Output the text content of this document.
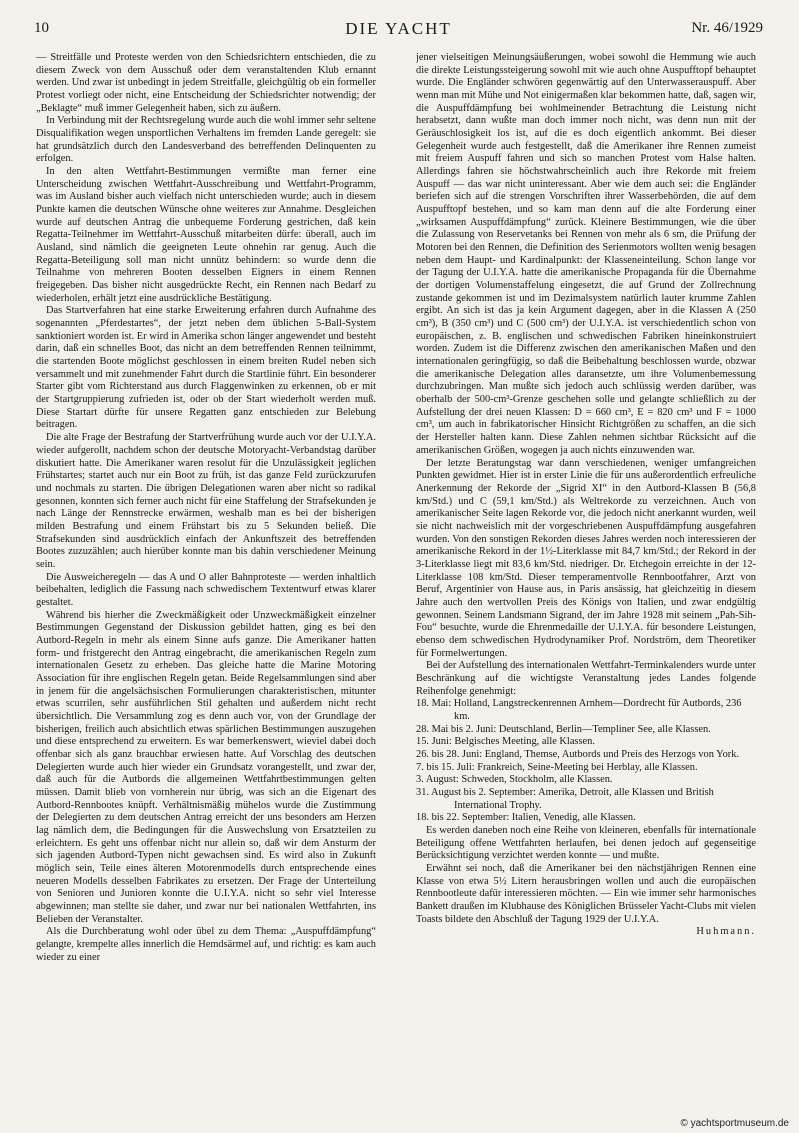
10	DIE YACHT	Nr. 46/1929

— Streitfälle und Proteste werden von den Schiedsrichtern entschieden, die zu diesem Zweck von dem Ausschuß oder dem veranstaltenden Klub ernannt werden. Und zwar ist unbedingt in jedem Streitfalle, gleichgültig ob ein formeller Protest vorliegt oder nicht, eine Entscheidung der Schiedsrichter notwendig; der „Beklagte“ muß immer Gelegenheit haben, sich zu äußern.

In Verbindung mit der Rechtsregelung wurde auch die wohl immer sehr seltene Disqualifikation wegen unsportlichen Verhaltens im fremden Lande geregelt: sie hat grundsätzlich durch den Landesverband des betreffenden Delinquenten zu erfolgen.

In den alten Wettfahrt-Bestimmungen vermißte man ferner eine Unterscheidung zwischen Wettfahrt-Ausschreibung und Wettfahrt-Programm, was im Ausland bisher auch vielfach nicht unterschieden wurde; auch in diesem Punkte kamen die deutschen Wünsche ohne weiteres zur Annahme. Desgleichen wurde auf deutschen Antrag die unbequeme Forderung gestrichen, daß kein Regatta-Teilnehmer im Wettfahrt-Ausschuß mitarbeiten dürfe: überall, auch im Ausland, sind nämlich die geeigneten Leute ohnehin rar genug. Auch die Regatta-Beteiligung soll man nicht unnütz behindern: so wurde denn die Teilnahme von mehreren Booten desselben Eigners in einem Rennen freigegeben. Das bisher nicht ausgedrückte Recht, ein Rennen nach Bedarf zu wiederholen, erhält jetzt eine ausdrückliche Bestätigung.

Das Startverfahren hat eine starke Erweiterung erfahren durch Aufnahme des sogenannten „Pferdestartes“, der jetzt neben dem üblichen 5-Ball-System sanktioniert worden ist. Er wird in Amerika schon länger angewendet und besteht darin, daß ein schnelles Boot, das nicht an dem betreffenden Rennen teilnimmt, die startenden Boote möglichst geschlossen in einem breiten Rudel neben sich versammelt und mit zunehmender Fahrt durch die Startlinie führt. Ein besonderer Starter gibt vom Richterstand aus durch Flaggenwinken zu erkennen, ob er mit der Startgruppierung zufrieden ist, oder ob der Start wiederholt werden muß. Diese Startart dürfte für unsere Regatten ganz entschieden zur Belebung beitragen.

Die alte Frage der Bestrafung der Startverfrühung wurde auch vor der U.I.Y.A. wieder aufgerollt, nachdem schon der deutsche Motoryacht-Verbandstag darüber diskutiert hatte. Die Amerikaner waren resolut für die Unzulässigkeit jeglichen Frühstartes; startet auch nur ein Boot zu früh, ist das ganze Feld zurückzurufen und nochmals zu starten. Die übrigen Delegationen waren aber nicht so radikal gesonnen, konnten sich ferner auch nicht für eine Staffelung der Strafsekunden je nach Länge der Rennstrecke erwärmen, weshalb man es bei der bisherigen milden Bestrafung und einem Frühstart bis zu 5 Sekunden beließ. Die Strafsekunden sind ausdrücklich einfach der Ankunftszeit des betreffenden Bootes zuzuzählen; auch hierüber konnte man bis dahin verschiedener Meinung sein.

Die Ausweicheregeln — das A und O aller Bahnproteste — werden inhaltlich beibehalten, lediglich die Fassung nach schwedischem Textentwurf etwas klarer gestaltet.

Während bis hierher die Zweckmäßigkeit oder Unzweckmäßigkeit einzelner Bestimmungen Gegenstand der Diskussion gebildet hatten, ging es bei den Autbord-Regeln in mehr als einem Sinne aufs ganze. Die Amerikaner hatten form- und fristgerecht den Antrag eingebracht, die amerikanischen Regeln zum internationalen Gesetz zu erheben. Das gleiche hatte die Marine Motoring Association für ihre englischen Regeln getan. Beide Regelsammlungen sind aber in jenem für die angelsächsischen Formulierungen charakteristischen, mitunter etwas scurrilen, sehr ausführlichen Stil gehalten und außerdem nicht recht übersichtlich. Die Versammlung zog es denn auch vor, von der Grundlage der bisherigen, freilich auch absichtlich etwas spärlichen Bestimmungen auszugehen und diese entsprechend zu erweitern. Es war bemerkenswert, wieviel dabei doch offenbar sich als ganz brauchbar erwiesen hatte. Auf Vorschlag des deutschen Delegierten wurde auch hier wieder ein Grundsatz vorangestellt, und zwar der, daß auch für die Autbords die allgemeinen Wettfahrtbestimmungen gelten müssen. Damit blieb von vornherein nur übrig, was sich an die Eigenart des Autbord-Rennbootes knüpft. Verhältnismäßig mühelos wurde die Zustimmung der Delegierten zu dem deutschen Antrag erreicht der uns besonders am Herzen lag nämlich dem, die Bedingungen für die Auswechslung von Ersatzteilen zu erleichtern. Es geht uns offenbar nicht nur allein so, daß wir dem Ansturm der sich jagenden Autbord-Typen nicht gewachsen sind. Es wird also in Zukunft möglich sein, Teile eines älteren Motorenmodells durch entsprechende eines neueren Modells desselben Fabrikates zu ersetzen. Der Frage der Unterteilung von Senioren und Junioren konnte die U.I.Y.A. nicht so sehr viel Interesse abgewinnen; man stellte sie daher, und zwar nur bei nationalen Wettfahrten, ins Belieben der Veranstalter.

Als die Durchberatung wohl oder übel zu dem Thema: „Auspuffdämpfung“ gelangte, krempelte alles innerlich die Hemdsärmel auf, und richtig: es kam auch wieder zu einer

jener vielseitigen Meinungsäußerungen, wobei sowohl die Hemmung wie auch die direkte Leistungssteigerung sowohl mit wie auch ohne Auspufftopf behauptet wurde. Die Engländer schwören gegenwärtig auf den Unterwasserauspuff. Aber wenn man mit Mühe und Not einigermaßen klar bekommen hatte, daß, sagen wir, die Auspuffdämpfung bei wohlmeinender Betrachtung die Leistung nicht herabsetzt, dann wußte man doch immer noch nicht, was denn nun mit der Geräuschlosigkeit los ist, auf die es doch eigentlich ankommt. Bei dieser Gelegenheit wurde auch festgestellt, daß die Amerikaner ihre Rennen zumeist mit freiem Auspuff fahren und sich so manchen Protest vom Halse halten. Allerdings fahren sie höchstwahrscheinlich auch ihre Rekorde mit freiem Auspuff — das war nicht uninteressant. Aber wie dem auch sei: die Engländer beriefen sich auf die strengen Vorschriften ihrer Wasserbehörden, die auf dem Auspufftopf bestehen, und so kam man denn auf die alte Forderung einer „wirksamen Auspuffdämpfung“ zurück. Kleinere Bestimmungen, wie die über die Zulassung von Reservetanks bei Rennen von mehr als 6 sm, die Prüfung der Motoren bei den Rennen, die Definition des Serienmotors wollten wenig besagen neben dem Haupt- und Kardinalpunkt: der Klasseneinteilung. Schon lange vor der Tagung der U.I.Y.A. hatte die amerikanische Propaganda für die Übernahme der dortigen Volumenstaffelung eingesetzt, die auf Grund der Zollrechnung zustande gekommen ist und im Dezimalsystem natürlich lauter krumme Zahlen ergibt. An sich ist das ja kein Argument dagegen, aber in die Klassen A (250 cm³), B (350 cm³) und C (500 cm³) der U.I.Y.A. ist verschiedentlich schon von europäischen, z. B. englischen und schwedischen Fabriken hineinkonstruiert worden. Zudem ist die Differenz zwischen den amerikanischen Maßen und den internationalen geringfügig, so daß die Beibehaltung beschlossen wurde, obzwar die amerikanische Delegation alles daransetzte, um ihre Volumenbemessung durchzubringen. Man mußte sich jedoch auch schlüssig werden darüber, was oberhalb der 500-cm³-Grenze geschehen solle und gelangte schließlich zu der Aufstellung der drei neuen Klassen: D = 660 cm³, E = 820 cm³ und F = 1000 cm³, um auch in fabrikatorischer Hinsicht Richtgrößen zu schaffen, an die sich der Hersteller halten kann. Diese Zahlen nehmen sichtbar Rücksicht auf die amerikanischen Größen, wogegen ja auch nichts einzuwenden war.

Der letzte Beratungstag war dann verschiedenen, weniger umfangreichen Punkten gewidmet. Hier ist in erster Linie die für uns außerordentlich erfreuliche Anerkennung der Rekorde der „Sigrid XI“ in den Autbord-Klassen B (56,8 km/Std.) und C (59,1 km/Std.) als Weltrekorde zu verzeichnen. Auch von amerikanischer Seite lagen Rekorde vor, die jedoch nicht anerkannt wurden, weil sie nicht nachweislich mit der vorgeschriebenen Auspuffdämpfung ausgefahren wurden. Von den sonstigen Rekorden dieses Jahres werden noch interessieren der amerikanische Rekord in der 1½-Literklasse mit 84,7 km/Std.; der Rekord in der 3-Literklasse liegt mit 83,6 km/Std. niedriger. Dr. Etchegoin erreichte in der 12-Literklasse 108 km/Std. Dieser temperamentvolle Rennbootfahrer, Arzt von Beruf, Argentinier von Hause aus, in Paris ansässig, hat gleichzeitig in diesem Jahre auch den wertvollen Preis des Königs von Italien, und zwar endgültig gewonnen. Seinem Landsmann Sigrand, der im Jahre 1928 mit seinem „Pah-Sih-Fou“ besuchte, wurde die Ehrenmedaille der U.I.Y.A. für besondere Leistungen, ebenso dem schwedischen Hydrodynamiker Prof. Nordström, dem Theoretiker für Formelwertungen.

Bei der Aufstellung des internationalen Wettfahrt-Terminkalenders wurde unter Beschränkung auf die wichtigste Veranstaltung jedes Landes folgende Reihenfolge genehmigt:

18. Mai: Holland, Langstreckenrennen Arnhem—Dordrecht für Autbords, 236 km.
28. Mai bis 2. Juni: Deutschland, Berlin—Templiner See, alle Klassen.
15. Juni: Belgisches Meeting, alle Klassen.
26. bis 28. Juni: England, Themse, Autbords und Preis des Herzogs von York.
7. bis 15. Juli: Frankreich, Seine-Meeting bei Herblay, alle Klassen.
3. August: Schweden, Stockholm, alle Klassen.
31. August bis 2. September: Amerika, Detroit, alle Klassen und British International Trophy.
18. bis 22. September: Italien, Venedig, alle Klassen.

Es werden daneben noch eine Reihe von kleineren, ebenfalls für internationale Beteiligung offene Wettfahrten herlaufen, bei denen jedoch auf gegenseitige Berücksichtigung verzichtet werden konnte — und mußte.

Erwähnt sei noch, daß die Amerikaner bei den nächstjährigen Rennen eine Klasse von etwa 5½ Litern herausbringen wollen und auch die europäischen Rennbootleute dafür interessieren möchten. — Ein wie immer sehr harmonisches Bankett draußen im Klubhause des Königlichen Brüsseler Yacht-Clubs mit vielen Toasts bildete den Abschluß der Tagung 1929 der U.I.Y.A.

Huhmann.
© yachtsportmuseum.de
